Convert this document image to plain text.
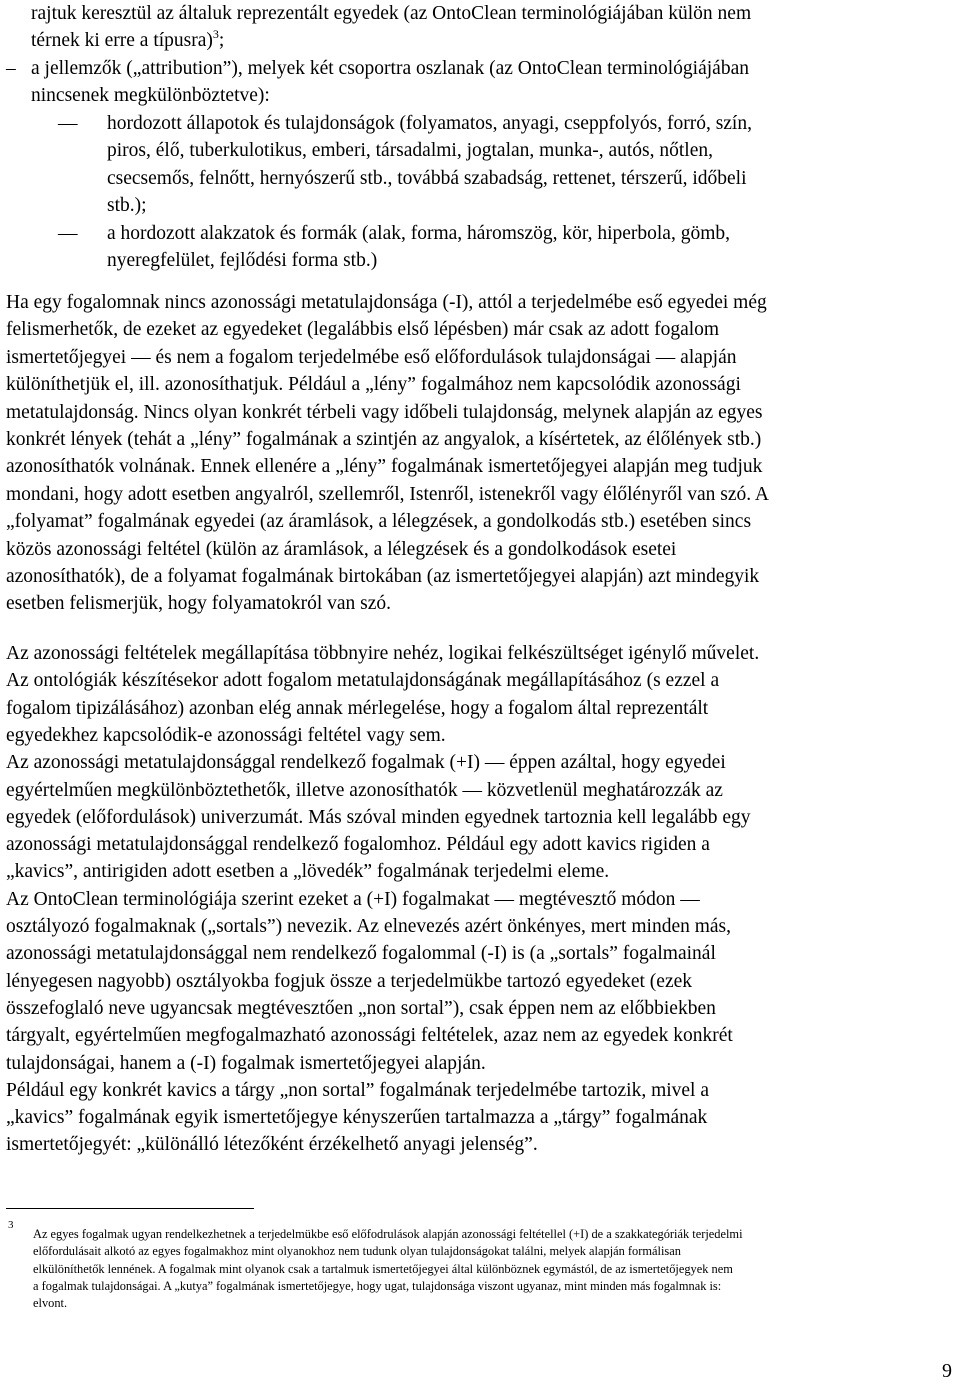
rajtuk keresztül az általuk reprezentált egyedek (az OntoClean terminológiájában külön nem
térnek ki erre a típusra)$^3$;
– a jellemzők („attribution”), melyek két csoportra oszlanak (az OntoClean terminológiájában
nincsenek megkülönböztetve):
— hordozott állapotok és tulajdonságok (folyamatos, anyagi, cseppfolyós, forró, szín,
piros, élő, tuberkulotikus, emberi, társadalmi, jogtalan, munka-, autós, nőtlen,
csecsemős, felnőtt, hernyószerű stb., továbbá szabadság, rettenet, térszerű, időbeli
stb.);
— a hordozott alakzatok és formák (alak, forma, háromszög, kör, hiperbola, gömb,
nyeregfelület, fejlődési forma stb.)
Ha egy fogalomnak nincs azonossági metatulajdonsága (-I), attól a terjedelmébe eső egyedei még
felismerhetők, de ezeket az egyedeket (legalábbis első lépésben) már csak az adott fogalom
ismertetőjegyei — és nem a fogalom terjedelmébe eső előfordulások tulajdonságai — alapján
különíthetjük el, ill. azonosíthatjuk. Például a „lény” fogalmához nem kapcsolódik azonossági
metatulajdonság. Nincs olyan konkrét térbeli vagy időbeli tulajdonság, melynek alapján az egyes
konkrét lények (tehát a „lény” fogalmának a szintjén az angyalok, a kísértetek, az élőlények stb.)
azonosíthatók volnának. Ennek ellenére a „lény” fogalmának ismertetőjegyei alapján meg tudjuk
mondani, hogy adott esetben angyalról, szellemről, Istenről, istenekről vagy élőlényről van szó. A
„folyamat” fogalmának egyedei (az áramlások, a lélegzések, a gondolkodás stb.) esetében sincs
közös azonossági feltétel (külön az áramlások, a lélegzések és a gondolkodások esetei
azonosíthatók), de a folyamat fogalmának birtokában (az ismertetőjegyei alapján) azt mindegyik
esetben felismerjük, hogy folyamatokról van szó.
Az azonossági feltételek megállapítása többnyire nehéz, logikai felkészültséget igénylő művelet.
Az ontológiák készítésekor adott fogalom metatulajdonságának megállapításához (s ezzel a
fogalom tipizálásához) azonban elég annak mérlegelése, hogy a fogalom által reprezentált
egyedekhez kapcsolódik-e azonossági feltétel vagy sem.
Az azonossági metatulajdonsággal rendelkező fogalmak (+I) — éppen azáltal, hogy egyedei
egyértelműen megkülönböztethetők, illetve azonosíthatók — közvetlenül meghatározzák az
egyedek (előfordulások) univerzumát. Más szóval minden egyednek tartoznia kell legalább egy
azonossági metatulajdonsággal rendelkező fogalomhoz. Például egy adott kavics rigiden a
„kavics”, antirigiden adott esetben a „lövedék” fogalmának terjedelmi eleme.
Az OntoClean terminológiája szerint ezeket a (+I) fogalmakat — megtévesztő módon —
osztályozó fogalmaknak („sortals”) nevezik. Az elnevezés azért önkényes, mert minden más,
azonossági metatulajdonsággal nem rendelkező fogalommal (-I) is (a „sortals” fogalmainál
lényegesen nagyobb) osztályokba fogjuk össze a terjedelmükbe tartozó egyedeket (ezek
összefoglaló neve ugyancsak megtévesztően „non sortal”), csak éppen nem az előbbiekben
tárgyalt, egyértelműen megfogalmazható azonossági feltételek, azaz nem az egyedek konkrét
tulajdonságai, hanem a (-I) fogalmak ismertetőjegyei alapján.
Például egy konkrét kavics a tárgy „non sortal” fogalmának terjedelmébe tartozik, mivel a
„kavics” fogalmának egyik ismertetőjegye kényszerűen tartalmazza a „tárgy” fogalmának
ismertetőjegyét: „különálló létezőként érzékelhető anyagi jelenség”.
3
Az egyes fogalmak ugyan rendelkezhetnek a terjedelmükbe eső előfodrulások alapján azonossági feltétellel (+I) de a szakkategóriák terjedelmi
előfordulásait alkotó az egyes fogalmakhoz mint olyanokhoz nem tudunk olyan tulajdonságokat találni, melyek alapján formálisan
elkülöníthetők lennének. A fogalmak mint olyanok csak a tartalmuk ismertetőjegyei által különböznek egymástól, de az ismertetőjegyek nem
a fogalmak tulajdonságai. A „kutya” fogalmának ismertetőjegye, hogy ugat, tulajdonsága viszont ugyanaz, mint minden más fogalmnak is:
elvont.
9
